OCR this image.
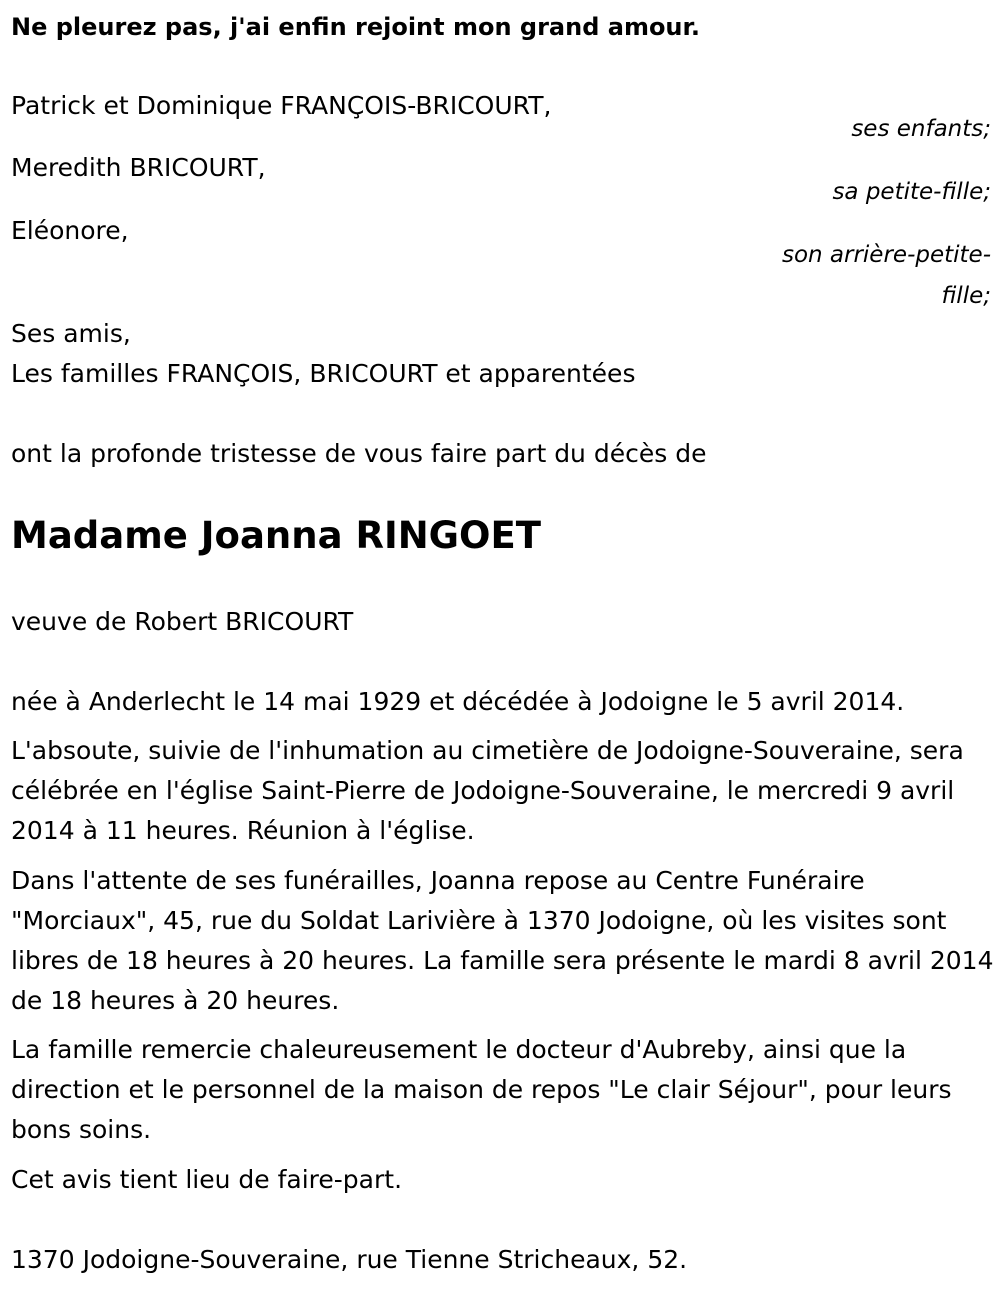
Ne pleurez pas, j'ai enfin rejoint mon grand amour.
Patrick et Dominique FRANÇOIS-BRICOURT,
ses enfants;
Meredith BRICOURT,
sa petite-fille;
Eléonore,
son arrière-petite-
fille;
Ses amis,
Les familles FRANÇOIS, BRICOURT et apparentées
ont la profonde tristesse de vous faire part du décès de
Madame Joanna RINGOET
veuve de Robert BRICOURT
née à Anderlecht le 14 mai 1929 et décédée à Jodoigne le 5 avril 2014.
L'absoute, suivie de l'inhumation au cimetière de Jodoigne-Souveraine, sera célébrée en l'église Saint-Pierre de Jodoigne-Souveraine, le mercredi 9 avril 2014 à 11 heures. Réunion à l'église.
Dans l'attente de ses funérailles, Joanna repose au Centre Funéraire "Morciaux", 45, rue du Soldat Larivière à 1370 Jodoigne, où les visites sont libres de 18 heures à 20 heures. La famille sera présente le mardi 8 avril 2014 de 18 heures à 20 heures.
La famille remercie chaleureusement le docteur d'Aubreby, ainsi que la direction et le personnel de la maison de repos "Le clair Séjour", pour leurs bons soins.
Cet avis tient lieu de faire-part.
1370 Jodoigne-Souveraine, rue Tienne Stricheaux, 52.
